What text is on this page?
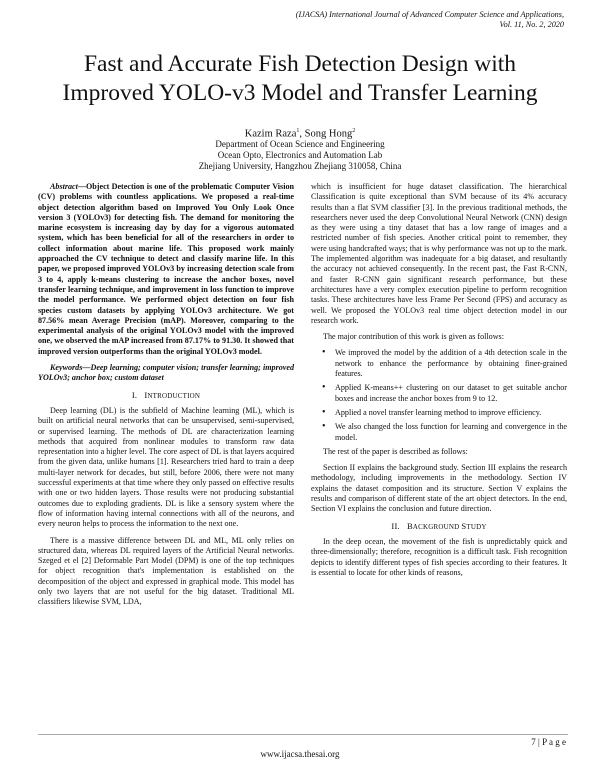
(IJACSA) International Journal of Advanced Computer Science and Applications,
Vol. 11, No. 2, 2020
Fast and Accurate Fish Detection Design with Improved YOLO-v3 Model and Transfer Learning
Kazim Raza$^1$, Song Hong$^2$
Department of Ocean Science and Engineering
Ocean Opto, Electronics and Automation Lab
Zhejiang University, Hangzhou Zhejiang 310058, China

Abstract—Object Detection is one of the problematic Computer Vision (CV) problems with countless applications. We proposed a real-time object detection algorithm based on Improved You Only Look Once version 3 (YOLOv3) for detecting fish. The demand for monitoring the marine ecosystem is increasing day by day for a vigorous automated system, which has been beneficial for all of the researchers in order to collect information about marine life. This proposed work mainly approached the CV technique to detect and classify marine life. In this paper, we proposed improved YOLOv3 by increasing detection scale from 3 to 4, apply k-means clustering to increase the anchor boxes, novel transfer learning technique, and improvement in loss function to improve the model performance. We performed object detection on four fish species custom datasets by applying YOLOv3 architecture. We got 87.56% mean Average Precision (mAP). Moreover, comparing to the experimental analysis of the original YOLOv3 model with the improved one, we observed the mAP increased from 87.17% to 91.30. It showed that improved version outperforms than the original YOLOv3 model.

Keywords—Deep learning; computer vision; transfer learning; improved YOLOv3; anchor box; custom dataset

I. INTRODUCTION

Deep learning (DL) is the subfield of Machine learning (ML), which is built on artificial neural networks that can be unsupervised, semi-supervised, or supervised learning. The methods of DL are characterization learning methods that acquired from nonlinear modules to transform raw data representation into a higher level. The core aspect of DL is that layers acquired from the given data, unlike humans [1]. Researchers tried hard to train a deep multi-layer network for decades, but still, before 2006, there were not many successful experiments at that time where they only passed on effective results with one or two hidden layers. Those results were not producing substantial outcomes due to exploding gradients. DL is like a sensory system where the flow of information having internal connections with all of the neurons, and every neuron helps to process the information to the next one.

There is a massive difference between DL and ML, ML only relies on structured data, whereas DL required layers of the Artificial Neural networks. Szeged et el [2] Deformable Part Model (DPM) is one of the top techniques for object recognition that's implementation is established on the decomposition of the object and expressed in graphical mode. This model has only two layers that are not useful for the big dataset. Traditional ML classifiers likewise SVM, LDA,

which is insufficient for huge dataset classification. The hierarchical Classification is quite exceptional than SVM because of its 4% accuracy results than a flat SVM classifier [3]. In the previous traditional methods, the researchers never used the deep Convolutional Neural Network (CNN) design as they were using a tiny dataset that has a low range of images and a restricted number of fish species. Another critical point to remember, they were using handcrafted ways; that is why performance was not up to the mark. The implemented algorithm was inadequate for a big dataset, and resultantly the accuracy not achieved consequently. In the recent past, the Fast R-CNN, and faster R-CNN gain significant research performance, but these architectures have a very complex execution pipeline to perform recognition tasks. These architectures have less Frame Per Second (FPS) and accuracy as well. We proposed the YOLOv3 real time object detection model in our research work.

The major contribution of this work is given as follows:

• We improved the model by the addition of a 4th detection scale in the network to enhance the performance by obtaining finer-grained features.
• Applied K-means++ clustering on our dataset to get suitable anchor boxes and increase the anchor boxes from 9 to 12.
• Applied a novel transfer learning method to improve efficiency.
• We also changed the loss function for learning and convergence in the model.

The rest of the paper is described as follows:

Section II explains the background study. Section III explains the research methodology, including improvements in the methodology. Section IV explains the dataset composition and its structure. Section V explains the results and comparison of different state of the art object detectors. In the end, Section VI explains the conclusion and future direction.

II. BACKGROUND STUDY

In the deep ocean, the movement of the fish is unpredictably quick and three-dimensionally; therefore, recognition is a difficult task. Fish recognition depicts to identify different types of fish species according to their features. It is essential to locate for other kinds of reasons,

7 | P a g e
www.ijacsa.thesai.org
